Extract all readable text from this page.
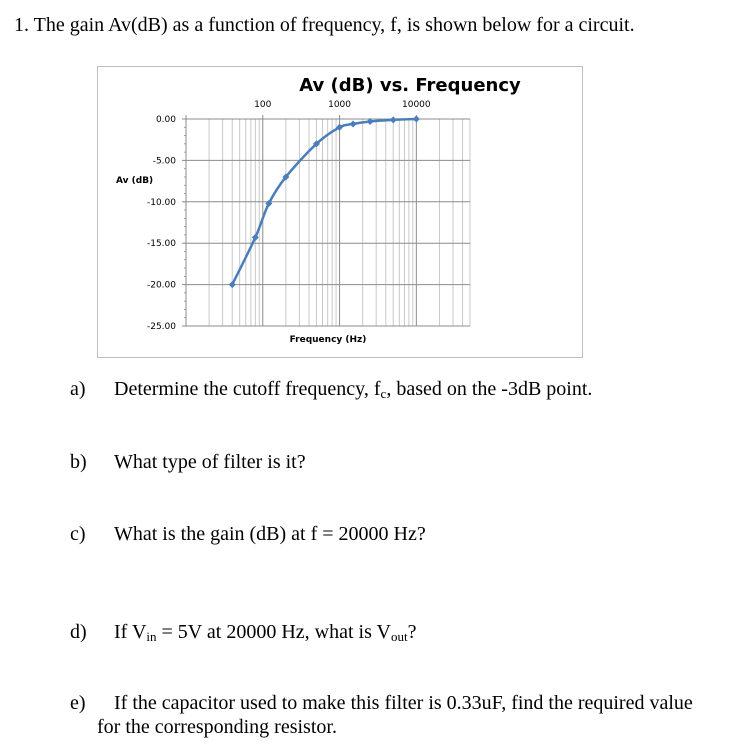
1. The gain Av(dB) as a function of frequency, f, is shown below for a circuit.
0.00
-5.00
-10.00
-15.00
-20.00
-25.00
100	1000	10000
Av (dB) vs. Frequency
Av (dB)
Frequency (Hz)
a) Determine the cutoff frequency, $f_c$, based on the -3dB point.
b) What type of filter is it?
c) What is the gain (dB) at f = 20000 Hz?
d) If $V_{in} = 5V$ at 20000 Hz, what is $V_{out}$?
e) If the capacitor used to make this filter is 0.33uF, find the required value
for the corresponding resistor.
